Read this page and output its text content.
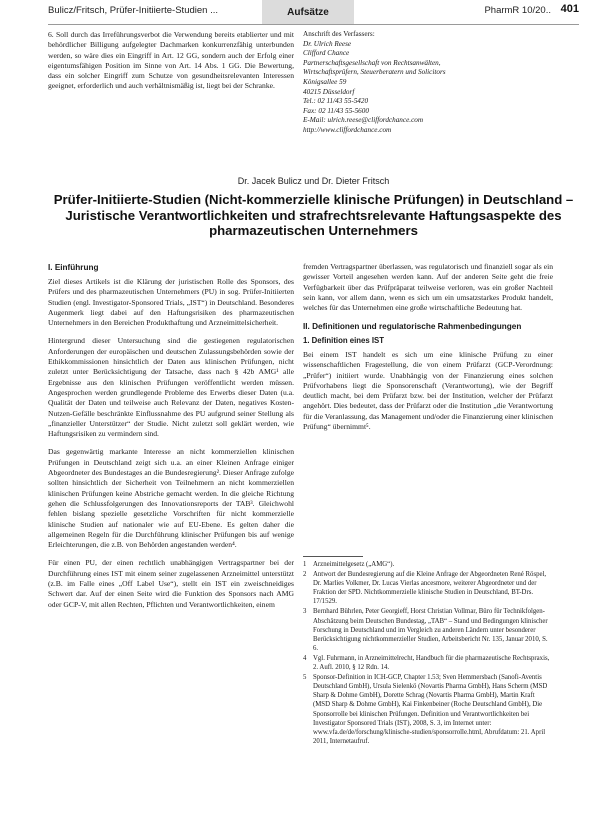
Bulicz/Fritsch, Prüfer-Initiierte-Studien ...	Aufsätze	PharmR 10/20.. 401

6. Soll durch das Irreführungsverbot die Verwendung bereits etablierter und mit behördlicher Billigung aufgelegter Dachmarken konkurrenzfähig unterbunden werden, so wäre dies ein Eingriff in Art. 12 GG, sondern auch der Erfolg einer eigentumsfähigen Position im Sinne von Art. 14 Abs. 1 GG. Die Bewertung, dass ein solcher Eingriff zum Schutze von gesundheitsrelevanten Interessen geeignet, erforderlich und auch verhältnismäßig ist, liegt bei der Schranke.

Anschrift des Verfassers:
Dr. Ulrich Reese
Clifford Chance
Partnerschaftsgesellschaft von Rechtsanwälten,
Wirtschaftsprüfern, Steuerberatern und Solicitors
Königsallee 59
40215 Düsseldorf
Tel.: 02 11/43 55-5420
Fax: 02 11/43 55-5600
E-Mail: ulrich.reese@cliffordchance.com
http://www.cliffordchance.com
Dr. Jacek Bulicz und Dr. Dieter Fritsch
Prüfer-Initiierte-Studien (Nicht-kommerzielle klinische Prüfungen) in Deutschland – Juristische Verantwortlichkeiten und strafrechtsrelevante Haftungsaspekte des pharmazeutischen Unternehmers
I. Einführung

Ziel dieses Artikels ist die Klärung der juristischen Rolle des Sponsors, des Prüfers und des pharmazeutischen Unternehmers (PU) in sog. Prüfer-Initiierten Studien (engl. Investigator-Sponsored Trials, „IST“) in Deutschland. Besonderes Augenmerk liegt dabei auf den Haftungsrisiken des pharmazeutischen Unternehmers in den Bereichen Produkthaftung und Arzneimittelsicherheit.

Hintergrund dieser Untersuchung sind die gestiegenen regulatorischen Anforderungen der europäischen und deutschen Zulassungsbehörden sowie der Ethikkommissionen hinsichtlich der Daten aus klinischen Prüfungen, nicht zuletzt unter Berücksichtigung der Tatsache, dass nach § 42b AMG¹ alle Ergebnisse aus den klinischen Prüfungen veröffentlicht werden müssen. Angesprochen werden grundlegende Probleme des Erwerbs dieser Daten (u.a. Qualität der Daten und teilweise auch Relevanz der Daten, negatives Kosten-Nutzen-Gefälle beschränkte Einflussnahme des PU aufgrund seiner Stellung als „finanzieller Unterstützer“ der Studie. Nicht zuletzt soll geklärt werden, wie Haftungsrisiken zu vermindern sind.

Das gegenwärtig markante Interesse an nicht kommerziellen klinischen Prüfungen in Deutschland zeigt sich u.a. an einer Kleinen Anfrage einiger Abgeordneter des Bundestages an die Bundesregierung². Dieser Anfrage zufolge sollten hinsichtlich der Sicherheit von Teilnehmern an nicht kommerziellen klinischen Prüfungen keine Abstriche gemacht werden. In die gleiche Richtung gehen die Schlussfolgerungen des Innovationsreports der TAB³. Gleichwohl fehlen bislang spezielle gesetzliche Vorschriften für nicht kommerzielle klinische Studien auf nationaler wie auf EU-Ebene. Es gelten daher die allgemeinen Regeln für die Durchführung klinischer Prüfungen bis auf wenige Erleichterungen, die z.B. von Behörden angestanden werden⁴.

Für einen PU, der einen rechtlich unabhängigen Vertragspartner bei der Durchführung eines IST mit einem seiner zugelassenen Arzneimittel unterstützt (z.B. im Falle eines „Off Label Use“), stellt ein IST ein zweischneidiges Schwert dar. Auf der einen Seite wird die Funktion des Sponsors nach AMG oder GCP-V, mit allen Rechten, Pflichten und Verantwortlichkeiten, einem

fremden Vertragspartner überlassen, was regulatorisch und finanziell sogar als ein gewisser Vorteil angesehen werden kann. Auf der anderen Seite geht die freie Verfügbarkeit über das Prüfpräparat teilweise verloren, was ein großer Nachteil sein kann, vor allem dann, wenn es sich um ein umsatzstarkes Produkt handelt, welches für das Unternehmen eine große wirtschaftliche Bedeutung hat.

II. Definitionen und regulatorische Rahmenbedingungen
1. Definition eines IST

Bei einem IST handelt es sich um eine klinische Prüfung zu einer wissenschaftlichen Fragestellung, die von einem Prüfarzt (GCP-Verordnung: „Prüfer“) initiiert wurde. Unabhängig von der Finanzierung eines solchen Prüfvorhabens liegt die Sponsorenschaft (Verantwortung), wie der Begriff deutlich macht, bei dem Prüfarzt bzw. bei der Institution, welcher der Prüfarzt angehört. Dies bedeutet, dass der Prüfarzt oder die Institution „die Verantwortung für die Veranlassung, das Management und/oder die Finanzierung einer klinischen Prüfung“ übernimmt⁵.

1 Arzneimittelgesetz („AMG“).
2 Antwort der Bundesregierung auf die Kleine Anfrage der Abgeordneten René Röspel, Dr. Marlies Volkmer, Dr. Lucas Vierlas ancesmore, weiterer Abgeordneter und der Fraktion der SPD. Nichtkommerzielle klinische Studien in Deutschland, BT-Drs. 17/1529.
3 Bernhard Bührlen, Peter Georgieff, Horst Christian Vollmar, Büro für Technikfolgen-Abschätzung beim Deutschen Bundestag, „TAB“ – Stand und Bedingungen klinischer Forschung in Deutschland und im Vergleich zu anderen Ländern unter besonderer Berücksichtigung nichtkommerzieller Studien, Arbeitsbericht Nr. 135, Januar 2010, S. 6.
4 Vgl. Fuhrmann, in Arzneimittelrecht, Handbuch für die pharmazeutische Rechtspraxis, 2. Aufl. 2010, § 12 Rdn. 14.
5 Sponsor-Definition in ICH-GCP, Chapter 1.53; Sven Hemmersbach (Sanofi-Aventis Deutschland GmbH), Ursula Sielenkö (Novartis Pharma GmbH), Hans Scherm (MSD Sharp & Dohme GmbH), Dorette Schrag (Novartis Pharma GmbH), Martin Kraft (MSD Sharp & Dohme GmbH), Kai Finkenbeiner (Roche Deutschland GmbH), Die Sponsorrolle bei klinischen Prüfungen. Definition und Verantwortlichkeiten bei Investigator Sponsored Trials (IST), 2008, S. 3, im Internet unter: www.vfa.de/de/forschung/klinische-studien/sponsorrolle.html, Abrufdatum: 21. April 2011, Internetaufruf.
